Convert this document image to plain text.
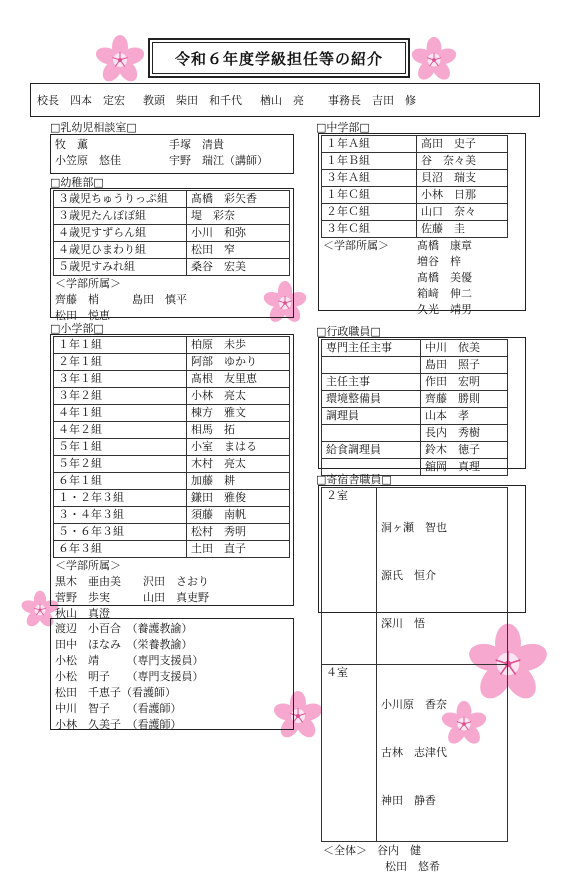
令和６年度学級担任等の紹介
校長　四本　定宏 教頭　柴田　和千代 楢山　亮 事務長　吉田　修
□乳幼児相談室□
牧　薫	手塚　清貴
小笠原　悠佳	宇野　瑞江（講師）
□幼稚部□
３歳児ちゅうりっぷ組	髙橋　彩矢香
３歳児たんぽぽ組	堤　彩奈
４歳児すずらん組	小川　和弥
４歳児ひまわり組	松田　窄
５歳児すみれ組	桑谷　宏美
＜学部所属＞
齊藤　梢　　　島田　慎平
松田　悦恵
□小学部□
１年１組	柏原　未歩
２年１組	阿部　ゆかり
３年１組	髙根　友里恵
３年２組	小林　亮太
４年１組	棟方　雅文
４年２組	相馬　拓
５年１組	小室　まはる
５年２組	木村　亮太
６年１組	加藤　耕
１・２年３組	鎌田　雅俊
３・４年３組	須藤　南帆
５・６年３組	松村　秀明
６年３組	土田　直子
＜学部所属＞
黒木　亜由美　　沢田　さおり
菅野　歩実　　　山田　真吏野
秋山　真澄
渡辺　小百合　（養護教諭）
田中　ほなみ　（栄養教諭）
小松　靖　　　（専門支援員）
小松　明子　　（専門支援員）
松田　千恵子（看護師）
中川　智子　　（看護師）
小林　久美子　（看護師）
□中学部□
１年Ａ組	高田　史子
１年Ｂ組	谷　奈々美
３年Ａ組	貝沼　瑞支
１年Ｃ組	小林　日那
２年Ｃ組	山口　奈々
３年Ｃ組	佐藤　圭
＜学部所属＞	髙橋　康章
増谷　梓
髙橋　美優
箱﨑　伸二
久光　靖男
□行政職員□
専門主任主事	中川　依美
	島田　照子
主任主事	作田　宏明
環境整備員	齊藤　勝則
調理員	山本　孝
	長内　秀樹
給食調理員	鈴木　徳子
	舘岡　真理
□寄宿舎職員□
２室	洞ヶ瀬　智也

源氏　恒介

深川　悟

４室	小川原　香奈

古林　志津代

神田　静香

＜全体＞ 谷内　健
松田　悠希
